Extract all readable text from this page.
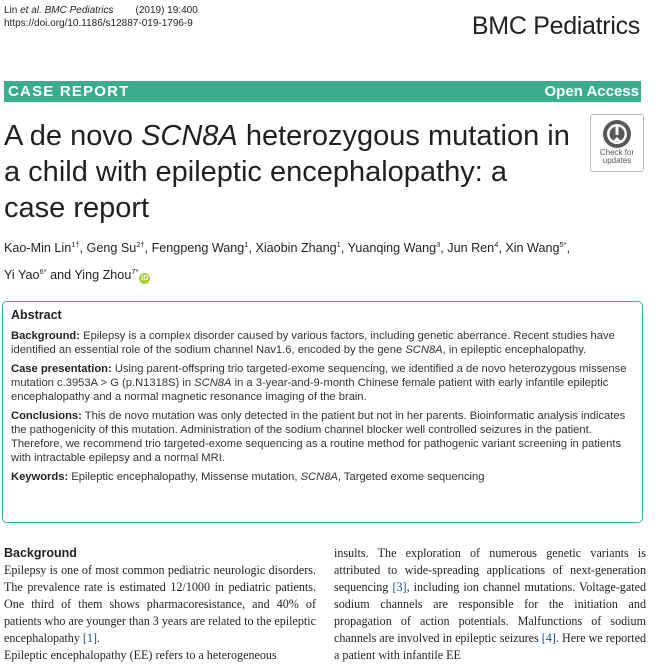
Lin et al. BMC Pediatrics (2019) 19:400
https://doi.org/10.1186/s12887-019-1796-9	BMC Pediatrics
CASE REPORT	Open Access
A de novo SCN8A heterozygous mutation in a child with epileptic encephalopathy: a case report
Check for
updates
Kao-Min Lin$^{1\dagger}$, Geng $Su^{2\dagger}$, Fengpeng Wang$^1$, Xiaobin Zhang$^1$, Yuanqing Wang$^3$, Jun Ren$^4$, Xin Wang$^{5*}$,
Yi Yao$^{6*}$ and Ying Zhou$^{7*}$iD
Abstract

Background: Epilepsy is a complex disorder caused by various factors, including genetic aberrance. Recent studies have identified an essential role of the sodium channel Nav1.6, encoded by the gene SCN8A, in epileptic encephalopathy.

Case presentation: Using parent-offspring trio targeted-exome sequencing, we identified a de novo heterozygous missense mutation c.3953A > G (p.N1318S) in SCN8A in a 3-year-and-9-month Chinese female patient with early infantile epileptic encephalopathy and a normal magnetic resonance imaging of the brain.

Conclusions: This de novo mutation was only detected in the patient but not in her parents. Bioinformatic analysis indicates the pathogenicity of this mutation. Administration of the sodium channel blocker well controlled seizures in the patient. Therefore, we recommend trio targeted-exome sequencing as a routine method for pathogenic variant screening in patients with intractable epilepsy and a normal MRI.

Keywords: Epileptic encephalopathy, Missense mutation, SCN8A, Targeted exome sequencing

Background
Epilepsy is one of most common pediatric neurologic disorders. The prevalence rate is estimated 12/1000 in pediatric patients. One third of them shows pharmacoresistance, and 40% of patients who are younger than 3 years are related to the epileptic encephalopathy [1].
Epileptic encephalopathy (EE) refers to a heterogeneous
insults. The exploration of numerous genetic variants is attributed to wide-spreading applications of next-generation sequencing [3], including ion channel mutations. Voltage-gated sodium channels are responsible for the initiation and propagation of action potentials. Malfunctions of sodium channels are involved in epileptic seizures [4]. Here we reported a patient with infantile EE
